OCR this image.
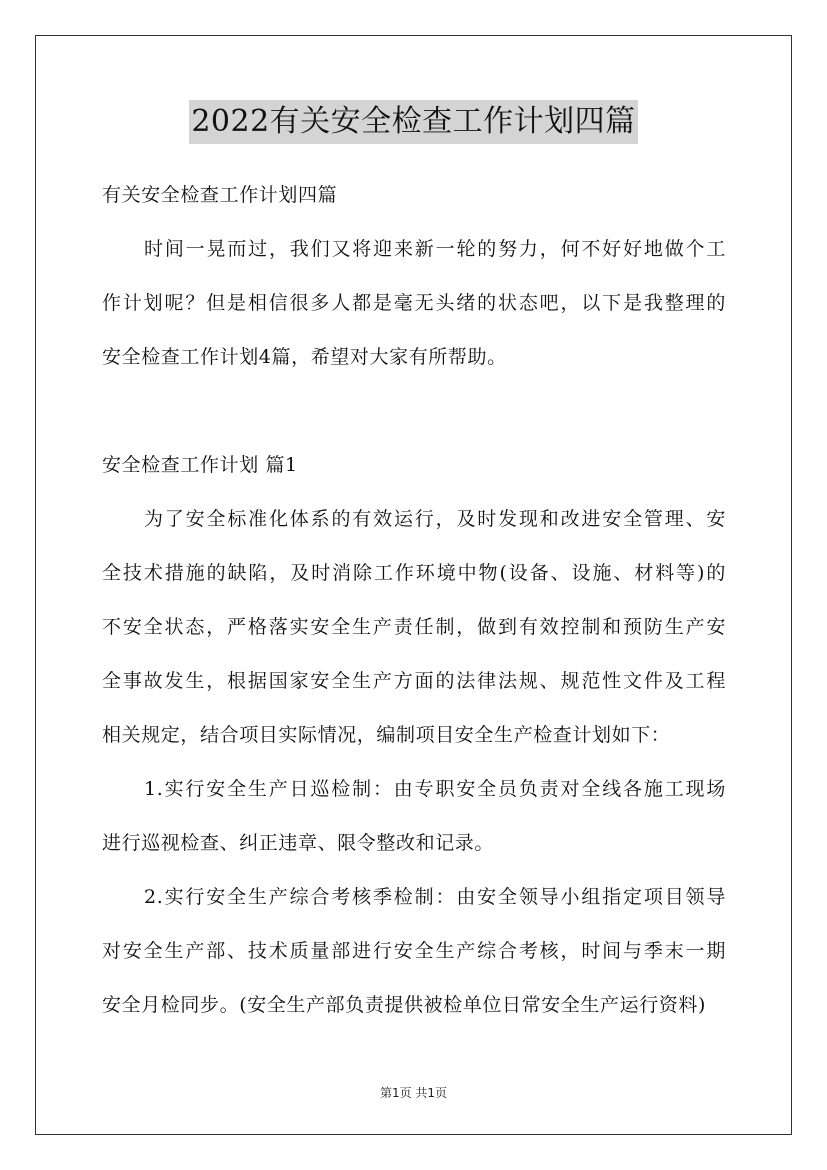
2022有关安全检查工作计划四篇
有关安全检查工作计划四篇
时间一晃而过，我们又将迎来新一轮的努力，何不好好地做个工
作计划呢？但是相信很多人都是毫无头绪的状态吧，以下是我整理的
安全检查工作计划4篇，希望对大家有所帮助。
安全检查工作计划 篇1
为了安全标准化体系的有效运行，及时发现和改进安全管理、安
全技术措施的缺陷，及时消除工作环境中物(设备、设施、材料等)的
不安全状态，严格落实安全生产责任制，做到有效控制和预防生产安
全事故发生，根据国家安全生产方面的法律法规、规范性文件及工程
相关规定，结合项目实际情况，编制项目安全生产检查计划如下：
1.实行安全生产日巡检制：由专职安全员负责对全线各施工现场
进行巡视检查、纠正违章、限令整改和记录。
2.实行安全生产综合考核季检制：由安全领导小组指定项目领导
对安全生产部、技术质量部进行安全生产综合考核，时间与季末一期
安全月检同步。(安全生产部负责提供被检单位日常安全生产运行资料)
第1页 共1页
